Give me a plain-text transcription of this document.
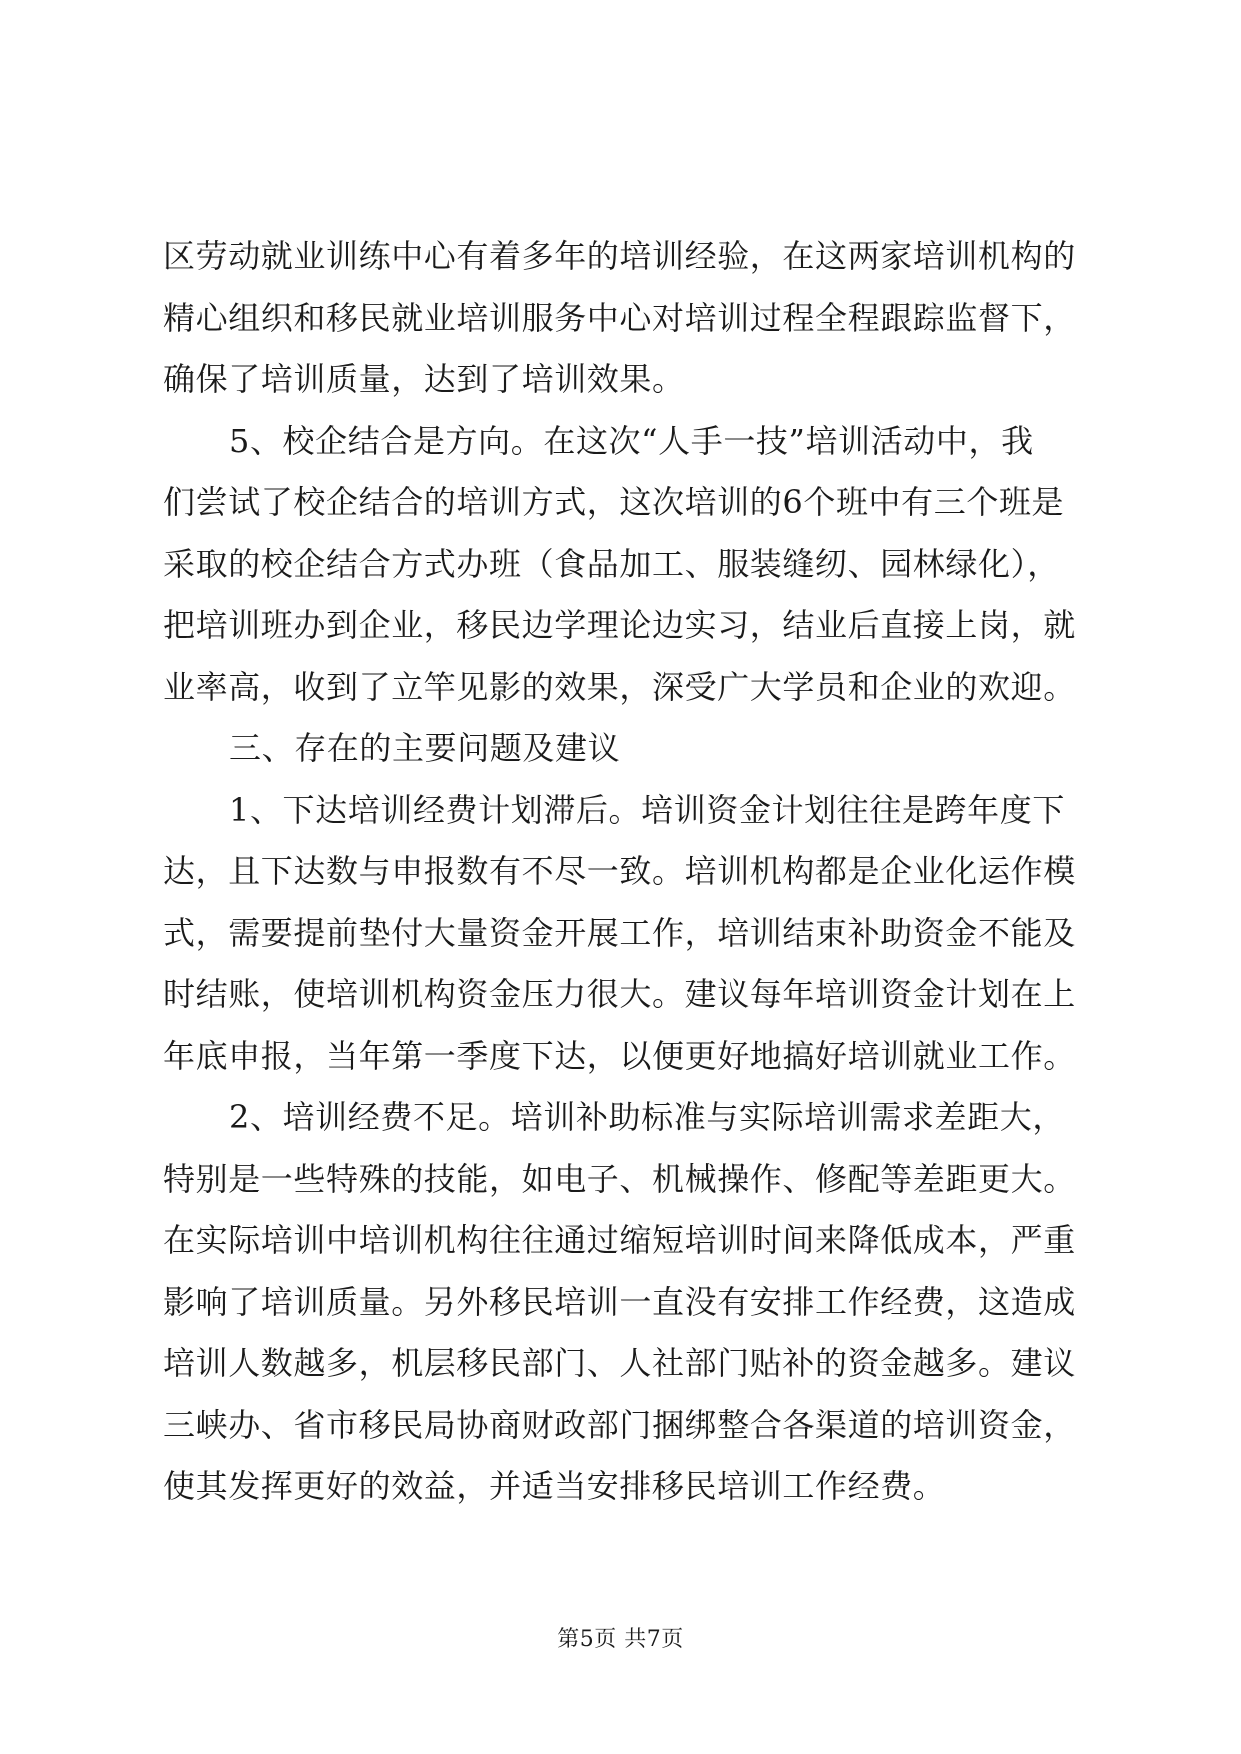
区劳动就业训练中心有着多年的培训经验，在这两家培训机构的
精心组织和移民就业培训服务中心对培训过程全程跟踪监督下，
确保了培训质量，达到了培训效果。
5、校企结合是方向。在这次“人手一技”培训活动中，我
们尝试了校企结合的培训方式，这次培训的6个班中有三个班是
采取的校企结合方式办班（食品加工、服装缝纫、园林绿化），
把培训班办到企业，移民边学理论边实习，结业后直接上岗，就
业率高，收到了立竿见影的效果，深受广大学员和企业的欢迎。
三、存在的主要问题及建议
1、下达培训经费计划滞后。培训资金计划往往是跨年度下
达，且下达数与申报数有不尽一致。培训机构都是企业化运作模
式，需要提前垫付大量资金开展工作，培训结束补助资金不能及
时结账，使培训机构资金压力很大。建议每年培训资金计划在上
年底申报，当年第一季度下达，以便更好地搞好培训就业工作。
2、培训经费不足。培训补助标准与实际培训需求差距大，
特别是一些特殊的技能，如电子、机械操作、修配等差距更大。
在实际培训中培训机构往往通过缩短培训时间来降低成本，严重
影响了培训质量。另外移民培训一直没有安排工作经费，这造成
培训人数越多，机层移民部门、人社部门贴补的资金越多。建议
三峡办、省市移民局协商财政部门捆绑整合各渠道的培训资金，
使其发挥更好的效益，并适当安排移民培训工作经费。
第5页 共7页
